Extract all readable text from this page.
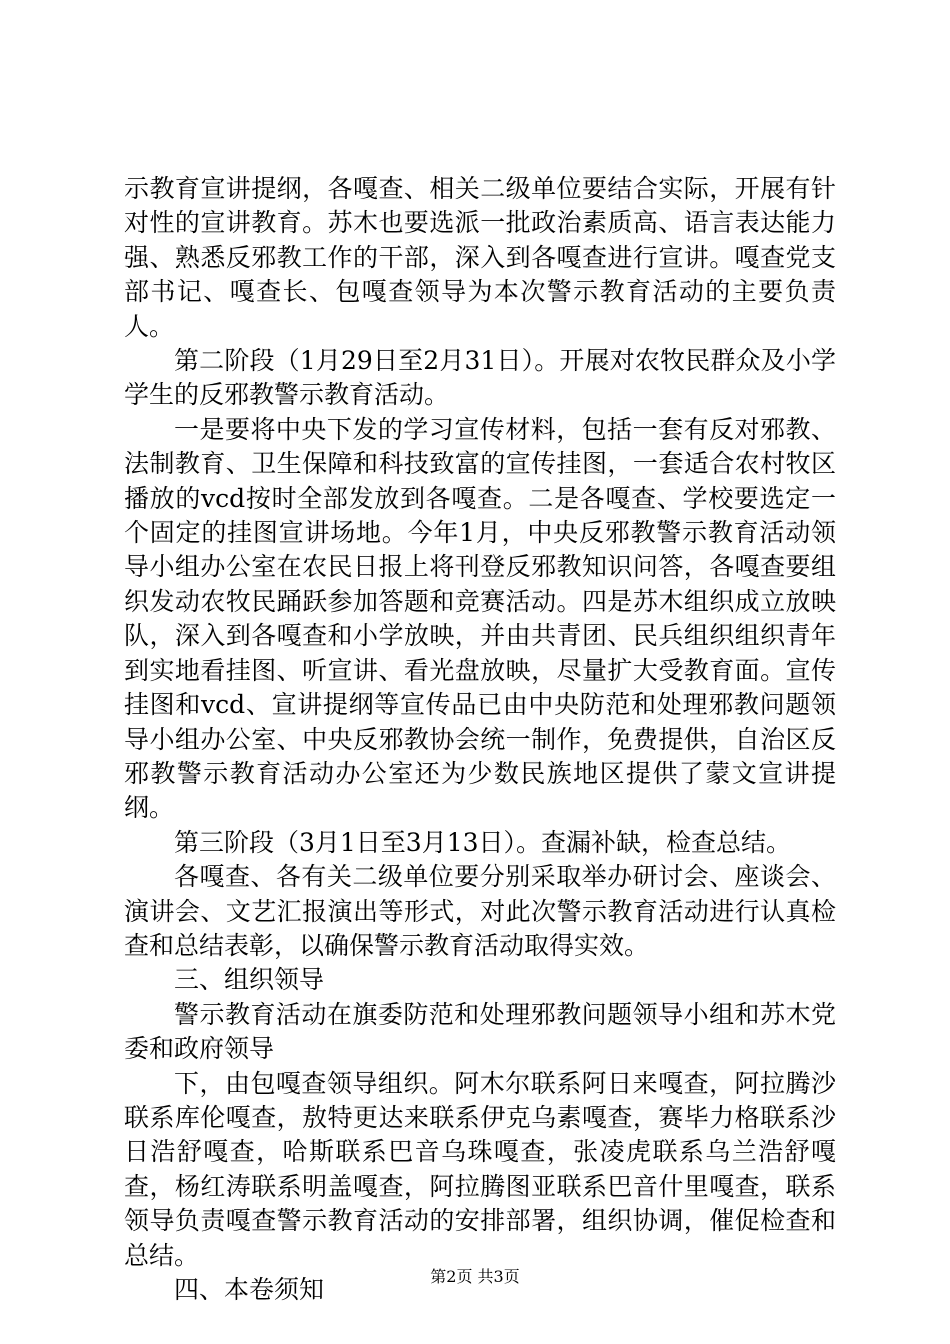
示教育宣讲提纲，各嘎查、相关二级单位要结合实际，开展有针对性的宣讲教育。苏木也要选派一批政治素质高、语言表达能力强、熟悉反邪教工作的干部，深入到各嘎查进行宣讲。嘎查党支部书记、嘎查长、包嘎查领导为本次警示教育活动的主要负责人。

第二阶段（1月29日至2月31日）。开展对农牧民群众及小学学生的反邪教警示教育活动。

一是要将中央下发的学习宣传材料，包括一套有反对邪教、法制教育、卫生保障和科技致富的宣传挂图，一套适合农村牧区播放的vcd按时全部发放到各嘎查。二是各嘎查、学校要选定一个固定的挂图宣讲场地。今年1月，中央反邪教警示教育活动领导小组办公室在农民日报上将刊登反邪教知识问答，各嘎查要组织发动农牧民踊跃参加答题和竞赛活动。四是苏木组织成立放映队，深入到各嘎查和小学放映，并由共青团、民兵组织组织青年到实地看挂图、听宣讲、看光盘放映，尽量扩大受教育面。宣传挂图和vcd、宣讲提纲等宣传品已由中央防范和处理邪教问题领导小组办公室、中央反邪教协会统一制作，免费提供，自治区反邪教警示教育活动办公室还为少数民族地区提供了蒙文宣讲提纲。

第三阶段（3月1日至3月13日）。查漏补缺，检查总结。

各嘎查、各有关二级单位要分别采取举办研讨会、座谈会、演讲会、文艺汇报演出等形式，对此次警示教育活动进行认真检查和总结表彰，以确保警示教育活动取得实效。

三、组织领导

警示教育活动在旗委防范和处理邪教问题领导小组和苏木党委和政府领导

下，由包嘎查领导组织。阿木尔联系阿日来嘎查，阿拉腾沙联系库伦嘎查，敖特更达来联系伊克乌素嘎查，赛毕力格联系沙日浩舒嘎查，哈斯联系巴音乌珠嘎查，张凌虎联系乌兰浩舒嘎查，杨红涛联系明盖嘎查，阿拉腾图亚联系巴音什里嘎查，联系领导负责嘎查警示教育活动的安排部署，组织协调，催促检查和总结。

四、本卷须知	第2页 共3页
